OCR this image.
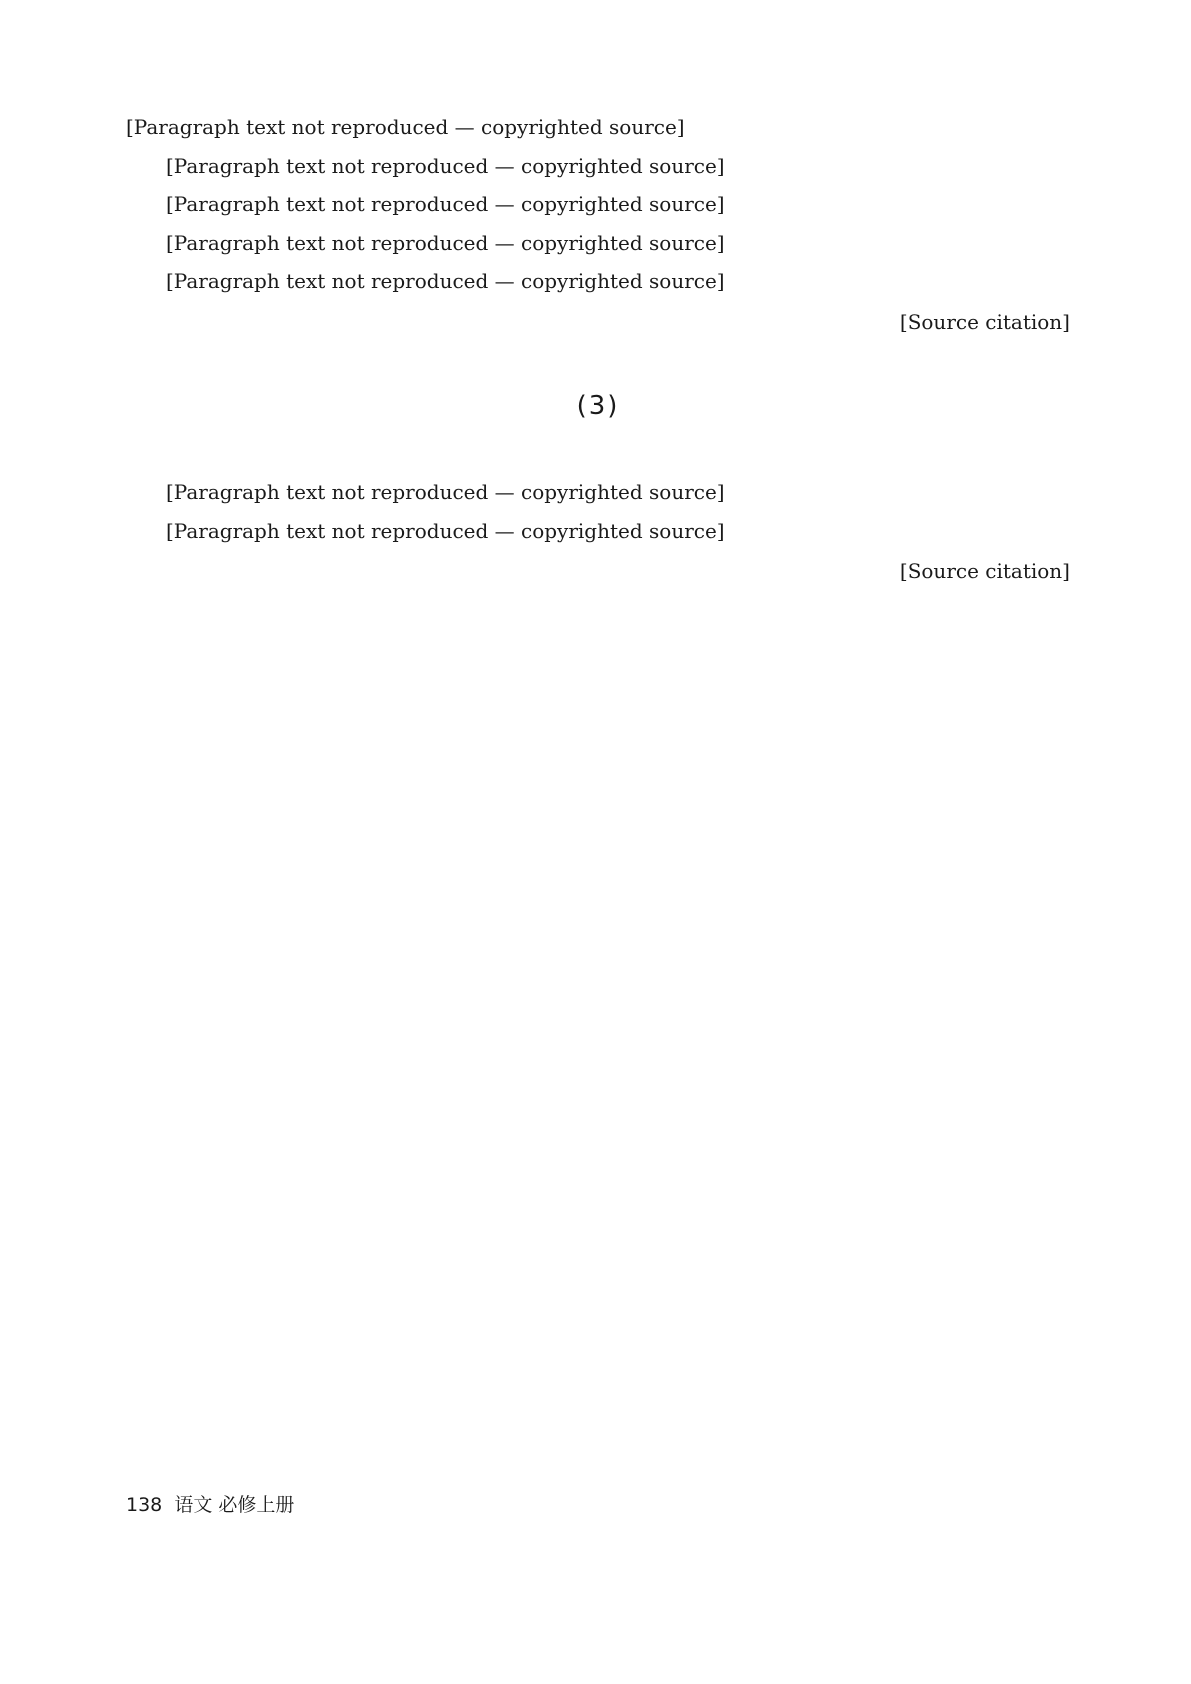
[Paragraph text not reproduced — copyrighted source]

[Paragraph text not reproduced — copyrighted source]

[Paragraph text not reproduced — copyrighted source]

[Paragraph text not reproduced — copyrighted source]

[Paragraph text not reproduced — copyrighted source]

[Source citation]

(3)

[Paragraph text not reproduced — copyrighted source]

[Paragraph text not reproduced — copyrighted source]

[Source citation]

138 语文 必修上册
